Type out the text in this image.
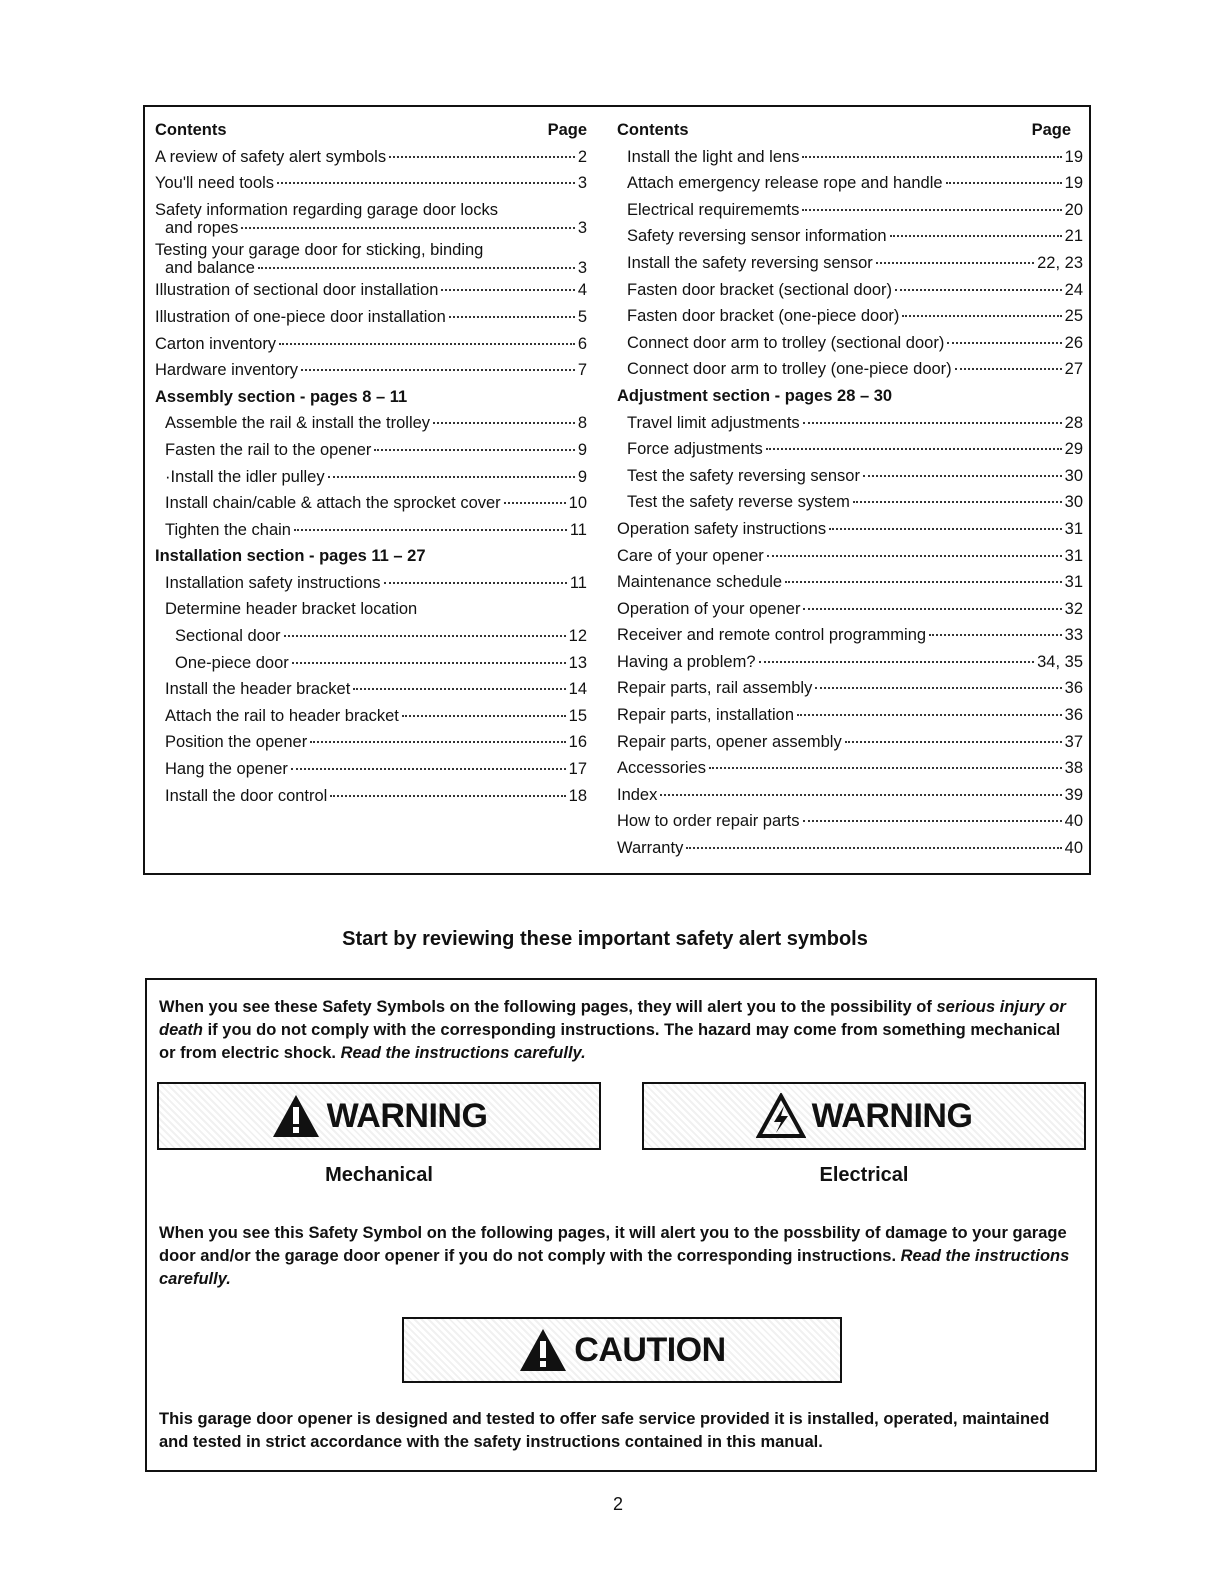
Contents	Page
A review of safety alert symbols	2
You'll need tools	3
Safety information regarding garage door locks
and ropes	3
Testing your garage door for sticking, binding
and balance	3
Illustration of sectional door installation	4
Illustration of one-piece door installation	5
Carton inventory	6
Hardware inventory	7
Assembly section - pages 8 – 11
Assemble the rail & install the trolley	8
Fasten the rail to the opener	9
·Install the idler pulley	9
Install chain/cable & attach the sprocket cover	10
Tighten the chain	11
Installation section - pages 11 – 27
Installation safety instructions	11
Determine header bracket location
Sectional door	12
One-piece door	13
Install the header bracket	14
Attach the rail to header bracket	15
Position the opener	16
Hang the opener	17
Install the door control	18
Contents	Page
Install the light and lens	19
Attach emergency release rope and handle	19
Electrical requirememts	20
Safety reversing sensor information	21
Install the safety reversing sensor	22, 23
Fasten door bracket (sectional door)	24
Fasten door bracket (one-piece door)	25
Connect door arm to trolley (sectional door)	26
Connect door arm to trolley (one-piece door)	27
Adjustment section - pages 28 – 30
Travel limit adjustments	28
Force adjustments	29
Test the safety reversing sensor	30
Test the safety reverse system	30
Operation safety instructions	31
Care of your opener	31
Maintenance schedule	31
Operation of your opener	32
Receiver and remote control programming	33
Having a problem?	34, 35
Repair parts, rail assembly	36
Repair parts, installation	36
Repair parts, opener assembly	37
Accessories	38
Index	39
How to order repair parts	40
Warranty	40
Start by reviewing these important safety alert symbols
When you see these Safety Symbols on the following pages, they will alert you to the possibility of serious injury or death if you do not comply with the corresponding instructions. The hazard may come from something mechanical or from electric shock. Read the instructions carefully.
WARNING
Mechanical
WARNING
Electrical
When you see this Safety Symbol on the following pages, it will alert you to the possbility of damage to your garage door and/or the garage door opener if you do not comply with the corresponding instructions. Read the instructions carefully.
CAUTION
This garage door opener is designed and tested to offer safe service provided it is installed, operated, maintained and tested in strict accordance with the safety instructions contained in this manual.
2
